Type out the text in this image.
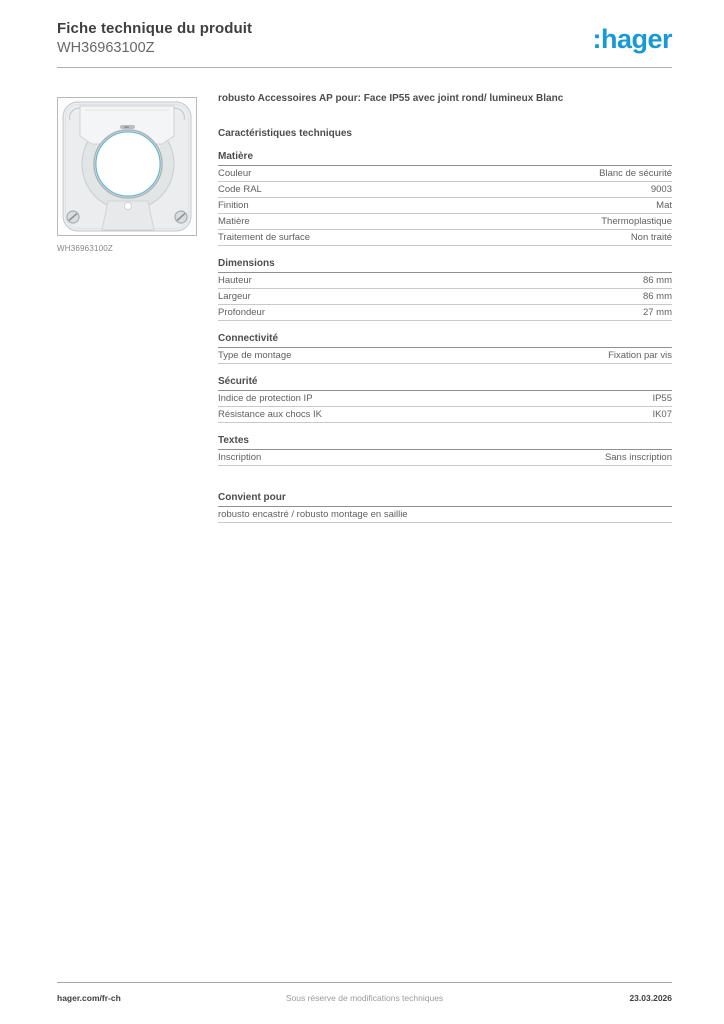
Fiche technique du produit
WH36963100Z	:hager
WH36963100Z
robusto Accessoires AP pour: Face IP55 avec joint rond/ lumineux Blanc
Caractéristiques techniques
Matière
Couleur	Blanc de sécurité
Code RAL	9003
Finition	Mat
Matière	Thermoplastique
Traitement de surface	Non traité
Dimensions
Hauteur	86 mm
Largeur	86 mm
Profondeur	27 mm
Connectivité
Type de montage	Fixation par vis
Sécurité
Indice de protection IP	IP55
Résistance aux chocs IK	IK07
Textes
Inscription	Sans inscription
Convient pour
robusto encastré / robusto montage en saillie
hager.com/fr-ch	Sous réserve de modifications techniques	23.03.2026
